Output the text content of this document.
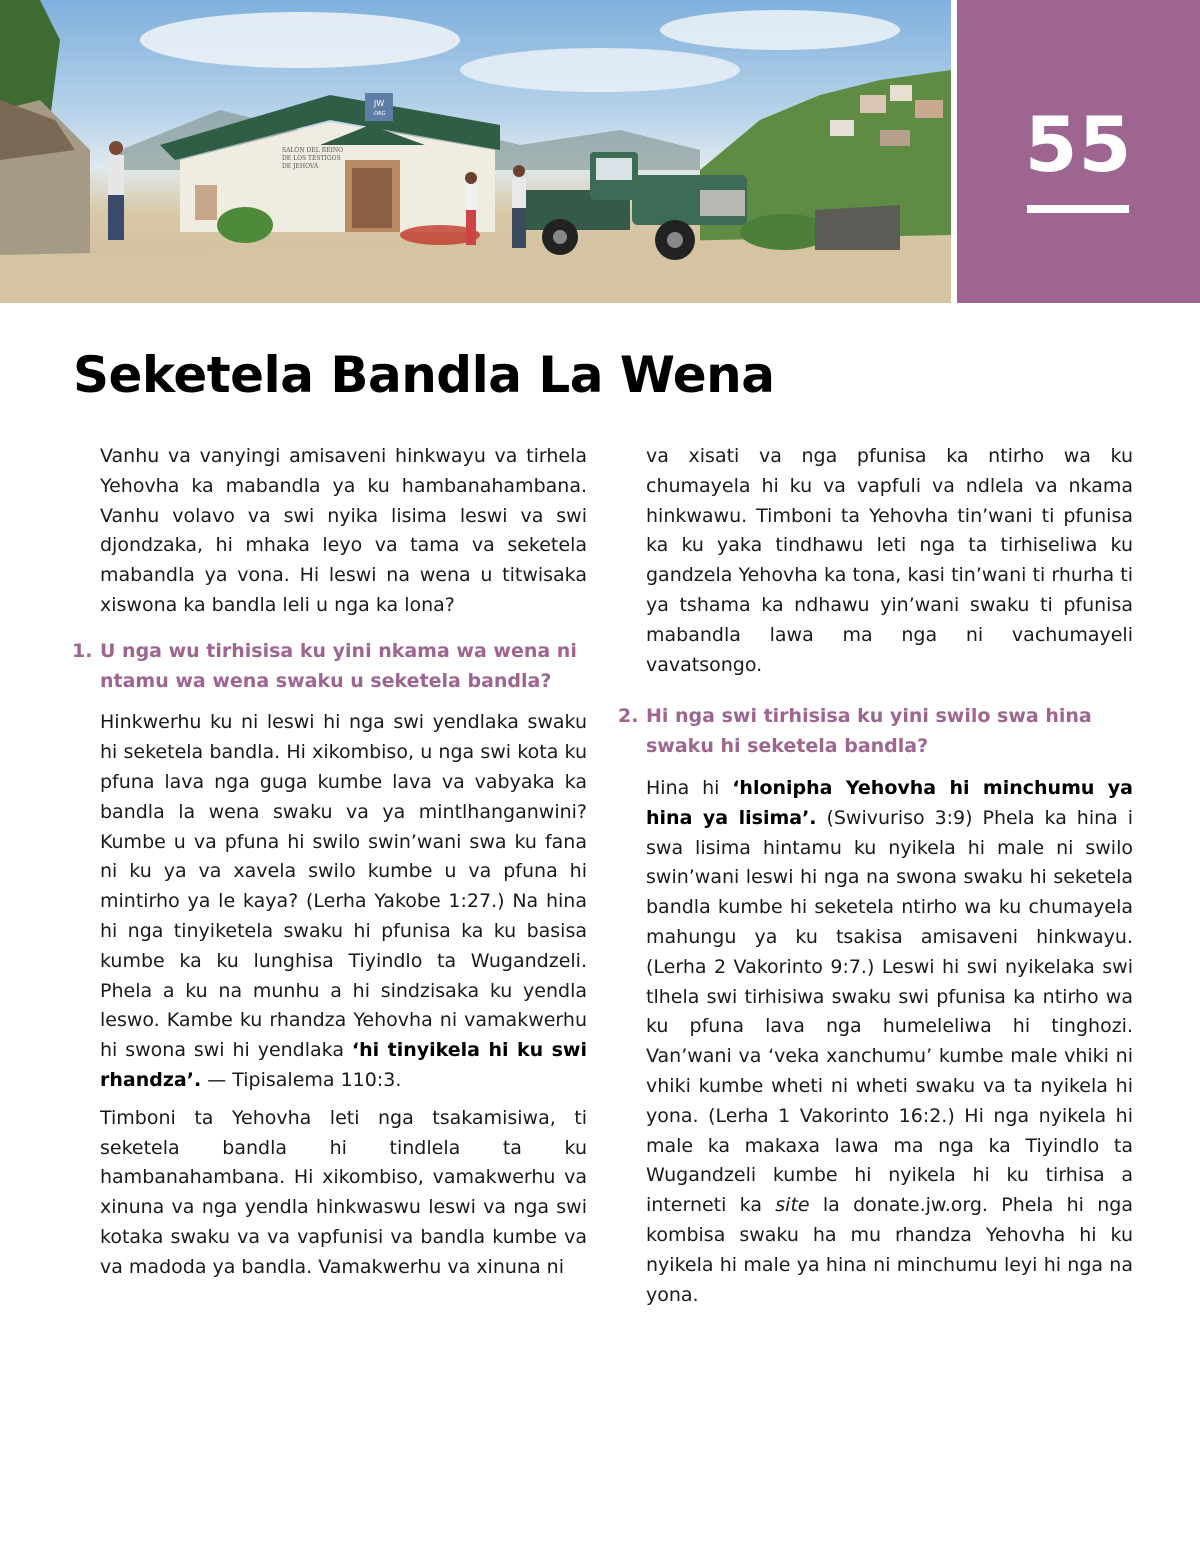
JW
.ORG
SALÓN DEL REINO
DE LOS TESTIGOS
DE JEHOVÁ	55
Seketela Bandla La Wena

Vanhu va vanyingi amisaveni hinkwayu va tirhela Yehovha ka mabandla ya ku hambanahambana. Vanhu volavo va swi nyika lisima leswi va swi djondzaka, hi mhaka leyo va tama va seketela mabandla ya vona. Hi leswi na wena u titwisaka xiswona ka bandla leli u nga ka lona?

1. U nga wu tirhisisa ku yini nkama wa wena ni ntamu wa wena swaku u seketela bandla?

Hinkwerhu ku ni leswi hi nga swi yendlaka swaku hi seketela bandla. Hi xikombiso, u nga swi kota ku pfuna lava nga guga kumbe lava va vabyaka ka bandla la wena swaku va ya mintlhanganwini? Kumbe u va pfuna hi swilo swin’wani swa ku fana ni ku ya va xavela swilo kumbe u va pfuna hi mintirho ya le kaya? (Lerha Yakobe 1:27.) Na hina hi nga tinyiketela swaku hi pfunisa ka ku basisa kumbe ka ku lunghisa Tiyindlo ta Wugandzeli. Phela a ku na munhu a hi sindzisaka ku yendla leswo. Kambe ku rhandza Yehovha ni vamakwerhu hi swona swi hi yendlaka ‘hi tinyikela hi ku swi rhandza’. — Tipisalema 110:3.

Timboni ta Yehovha leti nga tsakamisiwa, ti seketela bandla hi tindlela ta ku hambanahambana. Hi xikombiso, vamakwerhu va xinuna va nga yendla hinkwaswu leswi va nga swi kotaka swaku va va vapfunisi va bandla kumbe va va madoda ya bandla. Vamakwerhu va xinuna ni

va xisati va nga pfunisa ka ntirho wa ku chumayela hi ku va vapfuli va ndlela va nkama hinkwawu. Timboni ta Yehovha tin’wani ti pfunisa ka ku yaka tindhawu leti nga ta tirhiseliwa ku gandzela Yehovha ka tona, kasi tin’wani ti rhurha ti ya tshama ka ndhawu yin’wani swaku ti pfunisa mabandla lawa ma nga ni vachumayeli vavatsongo.

2. Hi nga swi tirhisisa ku yini swilo swa hina swaku hi seketela bandla?

Hina hi ‘hlonipha Yehovha hi minchumu ya hina ya lisima’. (Swivuriso 3:9) Phela ka hina i swa lisima hintamu ku nyikela hi male ni swilo swin’wani leswi hi nga na swona swaku hi seketela bandla kumbe hi seketela ntirho wa ku chumayela mahungu ya ku tsakisa amisaveni hinkwayu. (Lerha 2 Vakorinto 9:7.) Leswi hi swi nyikelaka swi tlhela swi tirhisiwa swaku swi pfunisa ka ntirho wa ku pfuna lava nga humeleliwa hi tinghozi. Van’wani va ‘veka xanchumu’ kumbe male vhiki ni vhiki kumbe wheti ni wheti swaku va ta nyikela hi yona. (Lerha 1 Vakorinto 16:2.) Hi nga nyikela hi male ka makaxa lawa ma nga ka Tiyindlo ta Wugandzeli kumbe hi nyikela hi ku tirhisa a interneti ka site la donate.jw.org. Phela hi nga kombisa swaku ha mu rhandza Yehovha hi ku nyikela hi male ya hina ni minchumu leyi hi nga na yona.
